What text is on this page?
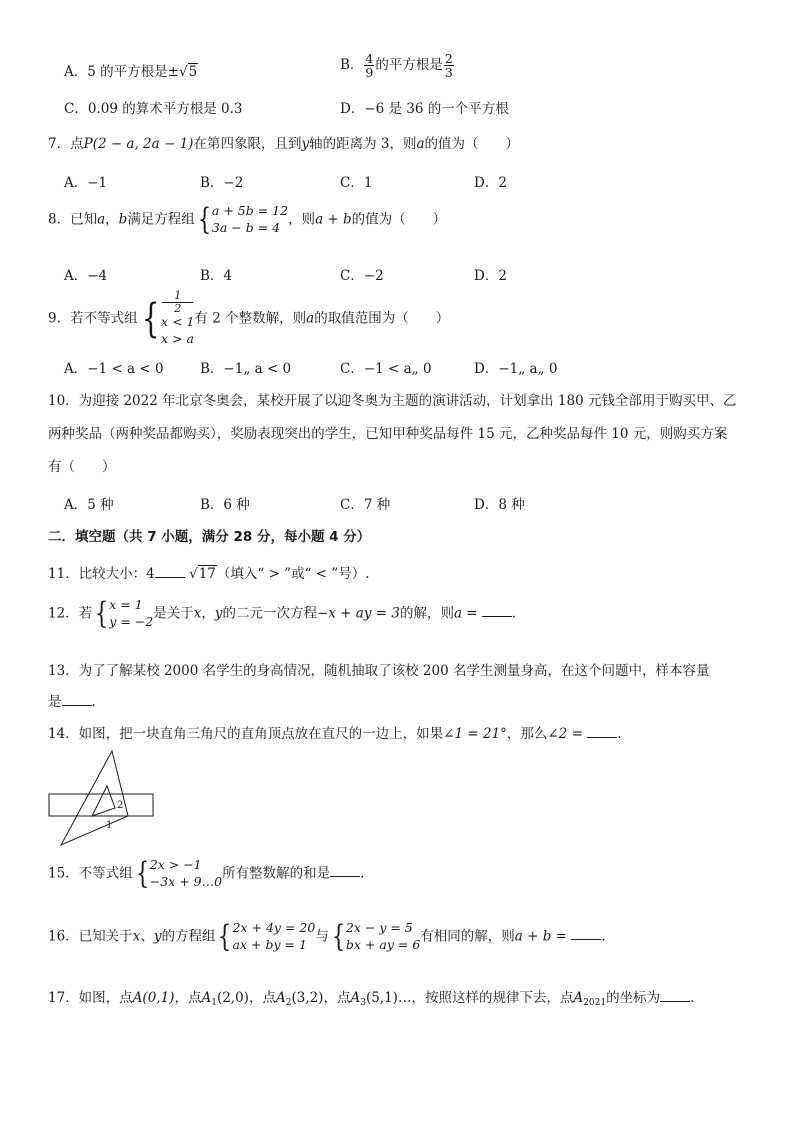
A．5 的平方根是±√5	B． $\frac{4}{9}$ 的平方根是 $\frac{2}{3}$
C．0.09 的算术平方根是 0.3	D．−6 是 36 的一个平方根
7．点P(2 − a, 2a − 1)在第四象限，且到y轴的距离为 3，则a的值为（　　）
A．−1	B．−2	C．1	D．2
8．已知a，b满足方程组{ a + 5b = 12
3a − b = 4 ，则a + b的值为（　　）
A．−4	B．4	C．−2	D．2
9．若不等式组{
1
2
x < 1
x > a
有 2 个整数解，则a的取值范围为（　　）
A．−1 < a < 0	B．−1„ a < 0	C．−1 < a„ 0	D．−1„ a„ 0
10．为迎接 2022 年北京冬奥会，某校开展了以迎冬奥为主题的演讲活动，计划拿出 180 元钱全部用于购买甲、乙
两种奖品（两种奖品都购买），奖励表现突出的学生，已知甲种奖品每件 15 元，乙种奖品每件 10 元，则购买方案
有（　　）
A．5 种	B．6 种	C．7 种	D．8 种
二．填空题（共 7 小题，满分 28 分，每小题 4 分）
11．比较大小：4	√17（填入“ > ”或“ < ”号）.
12．若{ x = 1
y = −2 是关于x，y的二元一次方程−x + ay = 3的解，则a =	.
13．为了了解某校 2000 名学生的身高情况，随机抽取了该校 200 名学生测量身高，在这个问题中，样本容量
是 .
14．如图，把一块直角三角尺的直角顶点放在直尺的一边上，如果∠1 = 21°，那么∠2 =	.
2
1
15．不等式组{ 2x > −1
−3x + 9…0 所有整数解的和是 .
16．已知关于x、y的方程组{ 2x + 4y = 20
ax + by = 1 与{ 2x − y = 5
bx + ay = 6 有相同的解，则a + b =	.
17．如图，点A(0,1)，点$A_1(2,0)$，点$A_2(3,2)$，点$A_3(5,1)\dots$，按照这样的规律下去，点$A_{2021}$的坐标为 .
